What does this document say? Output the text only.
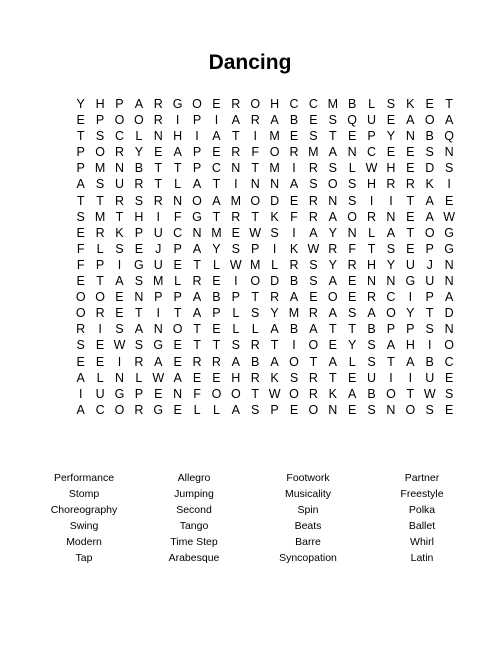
Dancing
Y H P A R G O E R O H C C M B L S K E T
E P O O R	I	P	I	A R A B E S Q U E A O A
T S C L N H	I	A T	I M E S T E P Y N B Q
P O R Y E A P E R F O R M A N C E E S N
P M N B T T P C N T M I	R S L W H E D S
A S U R T L A T	I	N N A S O S H R R K	I
T T R S R N O A M O D E R N S	I	I	T A E
S M T H	I	F G T R T K F R A O R N E A W
E R K P U C N M E W S	I	A Y N L A T O G
F L S E J P A Y S P	I	K W R F T S E P G
F P	I	G U E T L W M L R S Y R H Y U J N
E T A S M L R E	I	O D B S A E N N G U N
O O E N P P A B P T R A E O E R C	I	P A
O R E T	I	T A P L S Y M R A S A O Y T D
R	I	S A N O T E L L A B A T T B P P S N
S E W S G E T T S R T	I	O E Y S A H	I	O
E E	I	R A E R R A B A O T A L S T A B C
A L N L W A E E H R K S R T E U	I	I	U E
I	U G P E N F O O T W O R K A B O T W S
A C O R G E L L A S P E O N E S N O S E
Performance	Allegro	Footwork	Partner
Stomp	Jumping	Musicality	Freestyle
Choreography	Second	Spin	Polka
Swing	Tango	Beats	Ballet
Modern	Time Step	Barre	Whirl
Tap	Arabesque	Syncopation	Latin
